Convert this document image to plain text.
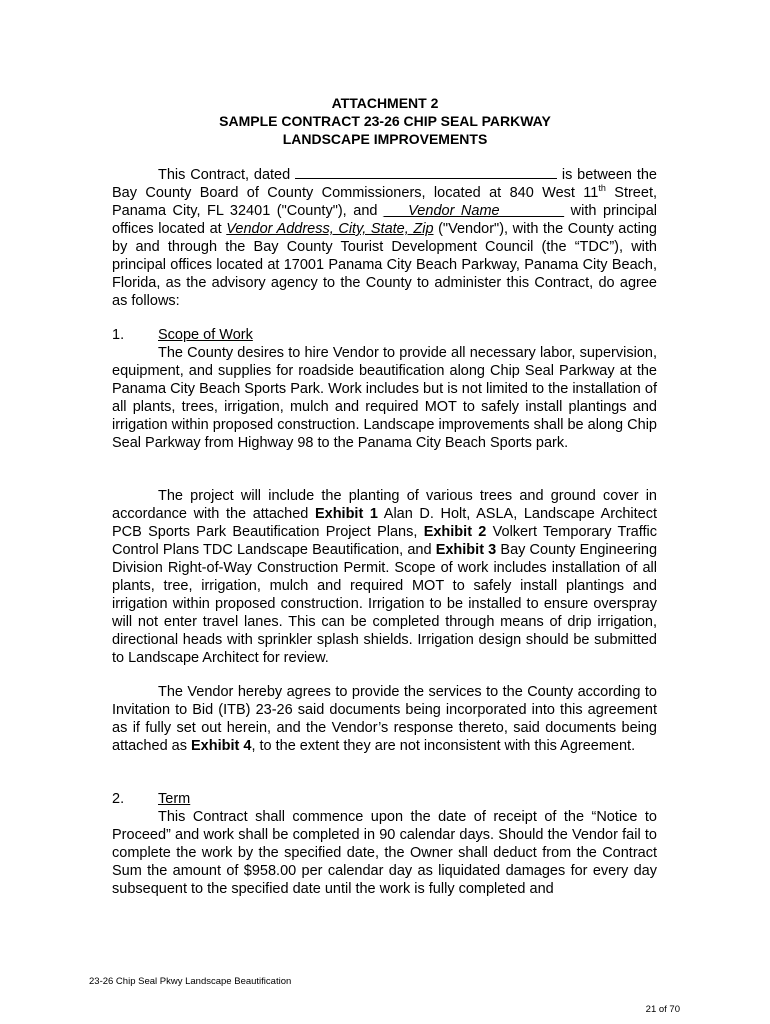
ATTACHMENT 2
SAMPLE CONTRACT 23-26 CHIP SEAL PARKWAY
LANDSCAPE IMPROVEMENTS

This Contract, dated	is between the Bay County Board of County Commissioners, located at 840 West 11th Street, Panama City, FL 32401 ("County"), and ___Vendor Name________ with principal offices located at Vendor Address, City, State, Zip ("Vendor"), with the County acting by and through the Bay County Tourist Development Council (the “TDC”), with principal offices located at 17001 Panama City Beach Parkway, Panama City Beach, Florida, as the advisory agency to the County to administer this Contract, do agree as follows:

1. Scope of Work

The County desires to hire Vendor to provide all necessary labor, supervision, equipment, and supplies for roadside beautification along Chip Seal Parkway at the Panama City Beach Sports Park. Work includes but is not limited to the installation of all plants, trees, irrigation, mulch and required MOT to safely install plantings and irrigation within proposed construction. Landscape improvements shall be along Chip Seal Parkway from Highway 98 to the Panama City Beach Sports park.

The project will include the planting of various trees and ground cover in accordance with the attached Exhibit 1 Alan D. Holt, ASLA, Landscape Architect PCB Sports Park Beautification Project Plans, Exhibit 2 Volkert Temporary Traffic Control Plans TDC Landscape Beautification, and Exhibit 3 Bay County Engineering Division Right-of-Way Construction Permit. Scope of work includes installation of all plants, tree, irrigation, mulch and required MOT to safely install plantings and irrigation within proposed construction. Irrigation to be installed to ensure overspray will not enter travel lanes. This can be completed through means of drip irrigation, directional heads with sprinkler splash shields. Irrigation design should be submitted to Landscape Architect for review.

The Vendor hereby agrees to provide the services to the County according to Invitation to Bid (ITB) 23-26 said documents being incorporated into this agreement as if fully set out herein, and the Vendor’s response thereto, said documents being attached as Exhibit 4, to the extent they are not inconsistent with this Agreement.

2. Term

This Contract shall commence upon the date of receipt of the “Notice to Proceed” and work shall be completed in 90 calendar days. Should the Vendor fail to complete the work by the specified date, the Owner shall deduct from the Contract Sum the amount of $958.00 per calendar day as liquidated damages for every day subsequent to the specified date until the work is fully completed and

23-26 Chip Seal Pkwy Landscape Beautification
21 of 70
